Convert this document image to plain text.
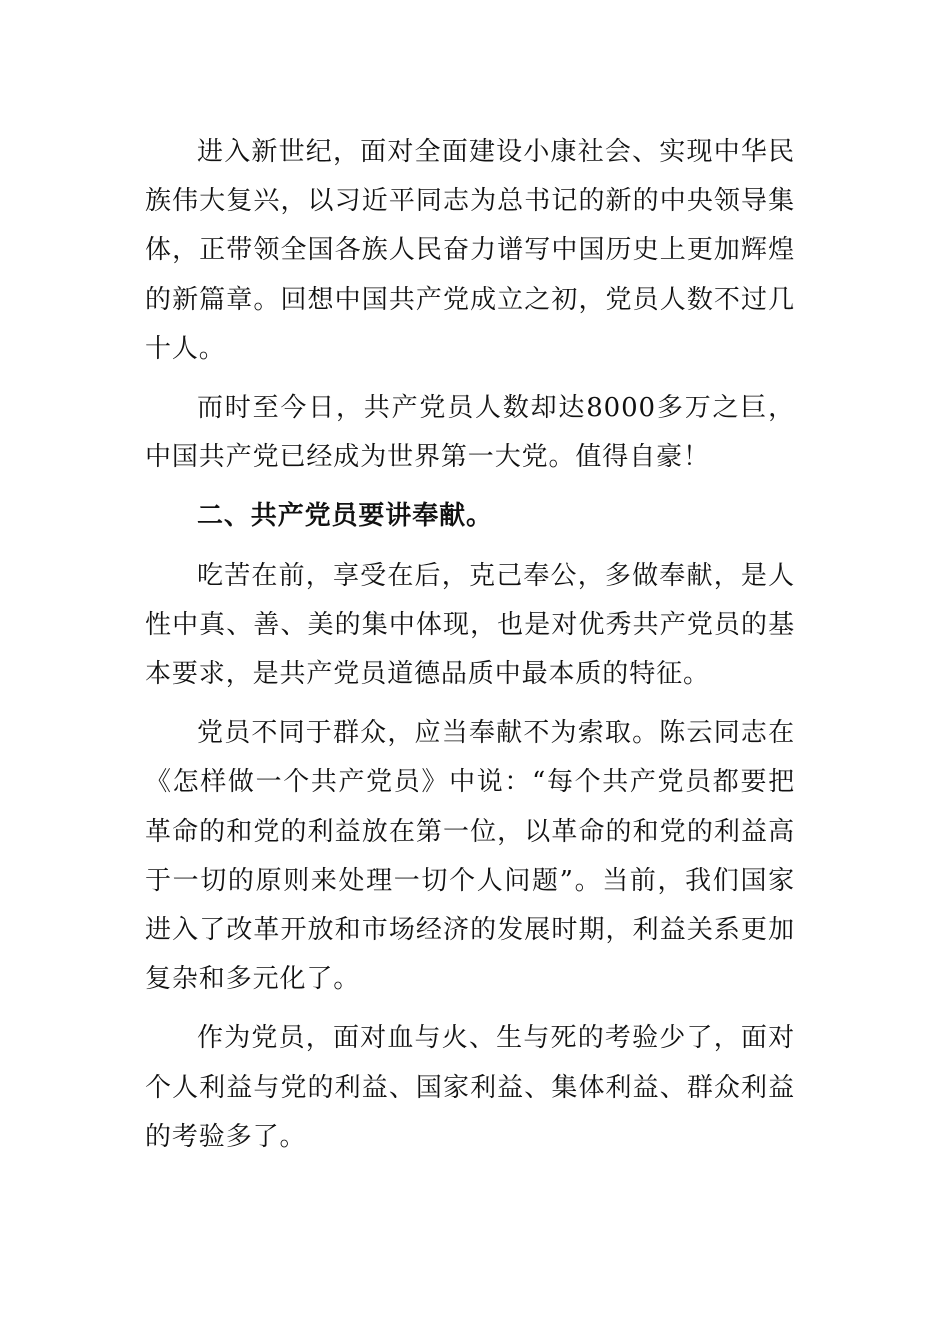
进入新世纪，面对全面建设小康社会、实现中华民族伟大复兴，以习近平同志为总书记的新的中央领导集体，正带领全国各族人民奋力谱写中国历史上更加辉煌的新篇章。回想中国共产党成立之初，党员人数不过几十人。

而时至今日，共产党员人数却达8000多万之巨，中国共产党已经成为世界第一大党。值得自豪！

二、共产党员要讲奉献。

吃苦在前，享受在后，克己奉公，多做奉献，是人性中真、善、美的集中体现，也是对优秀共产党员的基本要求，是共产党员道德品质中最本质的特征。

党员不同于群众，应当奉献不为索取。陈云同志在《怎样做一个共产党员》中说：“每个共产党员都要把革命的和党的利益放在第一位，以革命的和党的利益高于一切的原则来处理一切个人问题”。当前，我们国家进入了改革开放和市场经济的发展时期，利益关系更加复杂和多元化了。

作为党员，面对血与火、生与死的考验少了，面对个人利益与党的利益、国家利益、集体利益、群众利益的考验多了。
